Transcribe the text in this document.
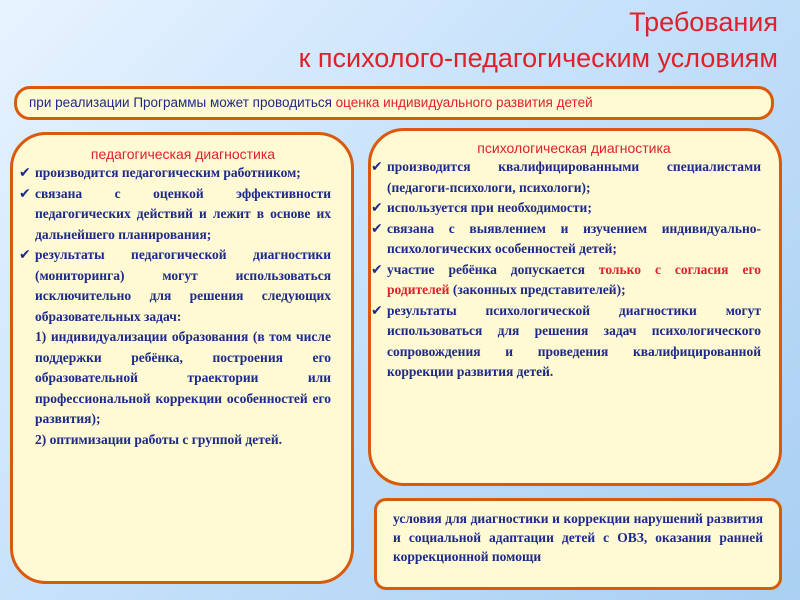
Требования
к психолого-педагогическим условиям
при реализации Программы может проводиться оценка индивидуального развития детей
педагогическая диагностика
✔ производится педагогическим работником;
✔ связана с оценкой эффективности педагогических действий и лежит в основе их дальнейшего планирования;
✔ результаты педагогической диагностики (мониторинга) могут использоваться исключительно для решения следующих образовательных задач:
1) индивидуализации образования (в том числе поддержки ребёнка, построения его образовательной траектории или профессиональной коррекции особенностей его развития);
2) оптимизации работы с группой детей.
психологическая диагностика
✔ производится квалифицированными специалистами (педагоги-психологи, психологи);
✔ используется при необходимости;
✔ связана с выявлением и изучением индивидуально-психологических особенностей детей;
✔ участие ребёнка допускается только с согласия его родителей (законных представителей);
✔ результаты психологической диагностики могут использоваться для решения задач психологического сопровождения и проведения квалифицированной коррекции развития детей.
условия для диагностики и коррекции нарушений развития и социальной адаптации детей с ОВЗ, оказания ранней коррекционной помощи
